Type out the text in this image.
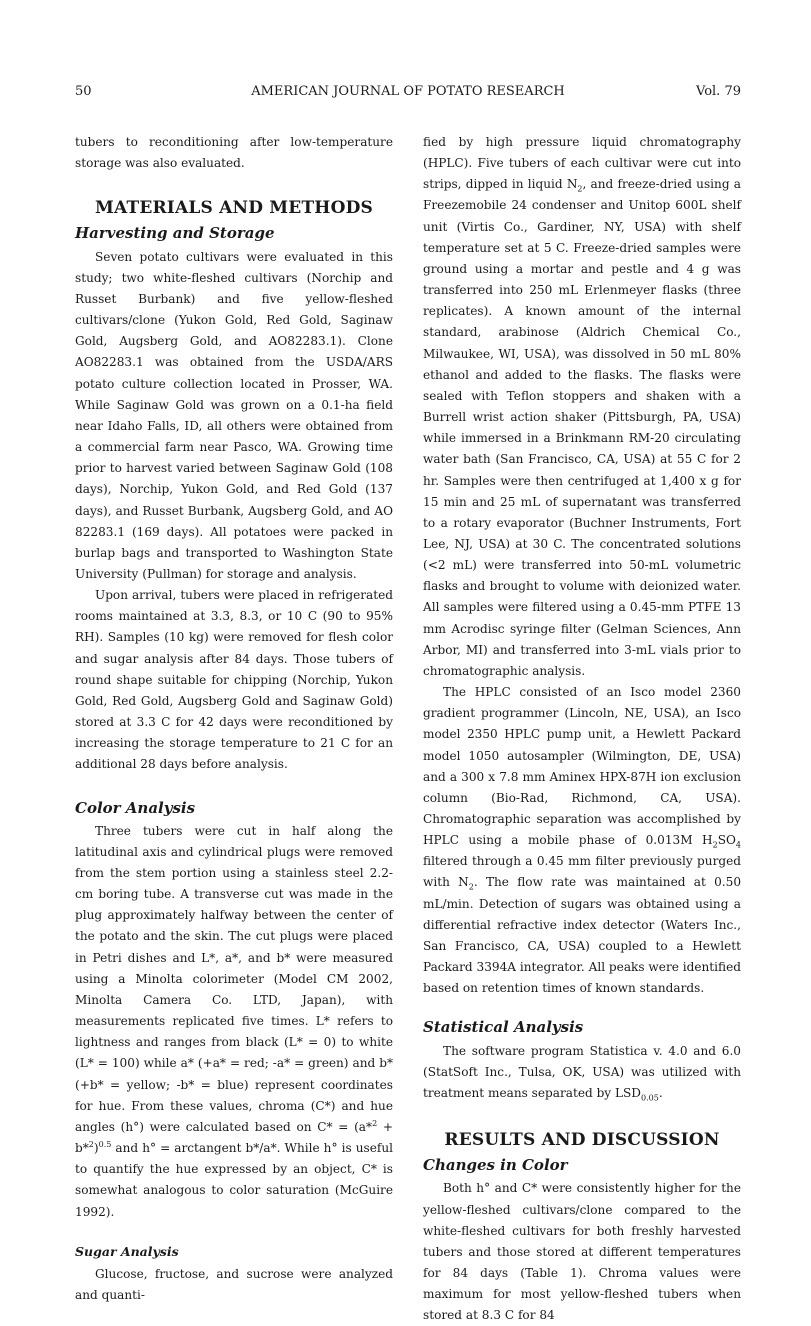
50	AMERICAN JOURNAL OF POTATO RESEARCH	Vol. 79

tubers to reconditioning after low-temperature storage was also evaluated.

MATERIALS AND METHODS

Harvesting and Storage

Seven potato cultivars were evaluated in this study; two white-fleshed cultivars (Norchip and Russet Burbank) and five yellow-fleshed cultivars/clone (Yukon Gold, Red Gold, Saginaw Gold, Augsberg Gold, and AO82283.1). Clone AO82283.1 was obtained from the USDA/ARS potato culture collection located in Prosser, WA. While Saginaw Gold was grown on a 0.1-ha field near Idaho Falls, ID, all others were obtained from a commercial farm near Pasco, WA. Growing time prior to harvest varied between Saginaw Gold (108 days), Norchip, Yukon Gold, and Red Gold (137 days), and Russet Burbank, Augsberg Gold, and AO 82283.1 (169 days). All potatoes were packed in burlap bags and transported to Washington State University (Pullman) for storage and analysis.

Upon arrival, tubers were placed in refrigerated rooms maintained at 3.3, 8.3, or 10 C (90 to 95% RH). Samples (10 kg) were removed for flesh color and sugar analysis after 84 days. Those tubers of round shape suitable for chipping (Norchip, Yukon Gold, Red Gold, Augsberg Gold and Saginaw Gold) stored at 3.3 C for 42 days were reconditioned by increasing the storage temperature to 21 C for an additional 28 days before analysis.

Color Analysis

Three tubers were cut in half along the latitudinal axis and cylindrical plugs were removed from the stem portion using a stainless steel 2.2-cm boring tube. A transverse cut was made in the plug approximately halfway between the center of the potato and the skin. The cut plugs were placed in Petri dishes and L*, a*, and b* were measured using a Minolta colorimeter (Model CM 2002, Minolta Camera Co. LTD, Japan), with measurements replicated five times. L* refers to lightness and ranges from black (L* = 0) to white (L* = 100) while a* (+a* = red; -a* = green) and b* (+b* = yellow; -b* = blue) represent coordinates for hue. From these values, chroma (C*) and hue angles (h°) were calculated based on $C* = (a*^2 + b*^2)^{0.5}$ and h° = arctangent b*/a*. While h° is useful to quantify the hue expressed by an object, C* is somewhat analogous to color saturation (McGuire 1992).

Sugar Analysis

Glucose, fructose, and sucrose were analyzed and quanti-

fied by high pressure liquid chromatography (HPLC). Five tubers of each cultivar were cut into strips, dipped in liquid $N_2$, and freeze-dried using a Freezemobile 24 condenser and Unitop 600L shelf unit (Virtis Co., Gardiner, NY, USA) with shelf temperature set at 5 C. Freeze-dried samples were ground using a mortar and pestle and 4 g was transferred into 250 mL Erlenmeyer flasks (three replicates). A known amount of the internal standard, arabinose (Aldrich Chemical Co., Milwaukee, WI, USA), was dissolved in 50 mL 80% ethanol and added to the flasks. The flasks were sealed with Teflon stoppers and shaken with a Burrell wrist action shaker (Pittsburgh, PA, USA) while immersed in a Brinkmann RM-20 circulating water bath (San Francisco, CA, USA) at 55 C for 2 hr. Samples were then centrifuged at 1,400 x g for 15 min and 25 mL of supernatant was transferred to a rotary evaporator (Buchner Instruments, Fort Lee, NJ, USA) at 30 C. The concentrated solutions (<2 mL) were transferred into 50-mL volumetric flasks and brought to volume with deionized water. All samples were filtered using a 0.45-mm PTFE 13 mm Acrodisc syringe filter (Gelman Sciences, Ann Arbor, MI) and transferred into 3-mL vials prior to chromatographic analysis.

The HPLC consisted of an Isco model 2360 gradient programmer (Lincoln, NE, USA), an Isco model 2350 HPLC pump unit, a Hewlett Packard model 1050 autosampler (Wilmington, DE, USA) and a 300 x 7.8 mm Aminex HPX-87H ion exclusion column (Bio-Rad, Richmond, CA, USA). Chromatographic separation was accomplished by HPLC using a mobile phase of 0.013M $H_2SO_4$ filtered through a 0.45 mm filter previously purged with $N_2$. The flow rate was maintained at 0.50 mL/min. Detection of sugars was obtained using a differential refractive index detector (Waters Inc., San Francisco, CA, USA) coupled to a Hewlett Packard 3394A integrator. All peaks were identified based on retention times of known standards.

Statistical Analysis

The software program Statistica v. 4.0 and 6.0 (StatSoft Inc., Tulsa, OK, USA) was utilized with treatment means separated by $LSD_{0.05}$.

RESULTS AND DISCUSSION

Changes in Color

Both h° and C* were consistently higher for the yellow-fleshed cultivars/clone compared to the white-fleshed cultivars for both freshly harvested tubers and those stored at different temperatures for 84 days (Table 1). Chroma values were maximum for most yellow-fleshed tubers when stored at 8.3 C for 84
